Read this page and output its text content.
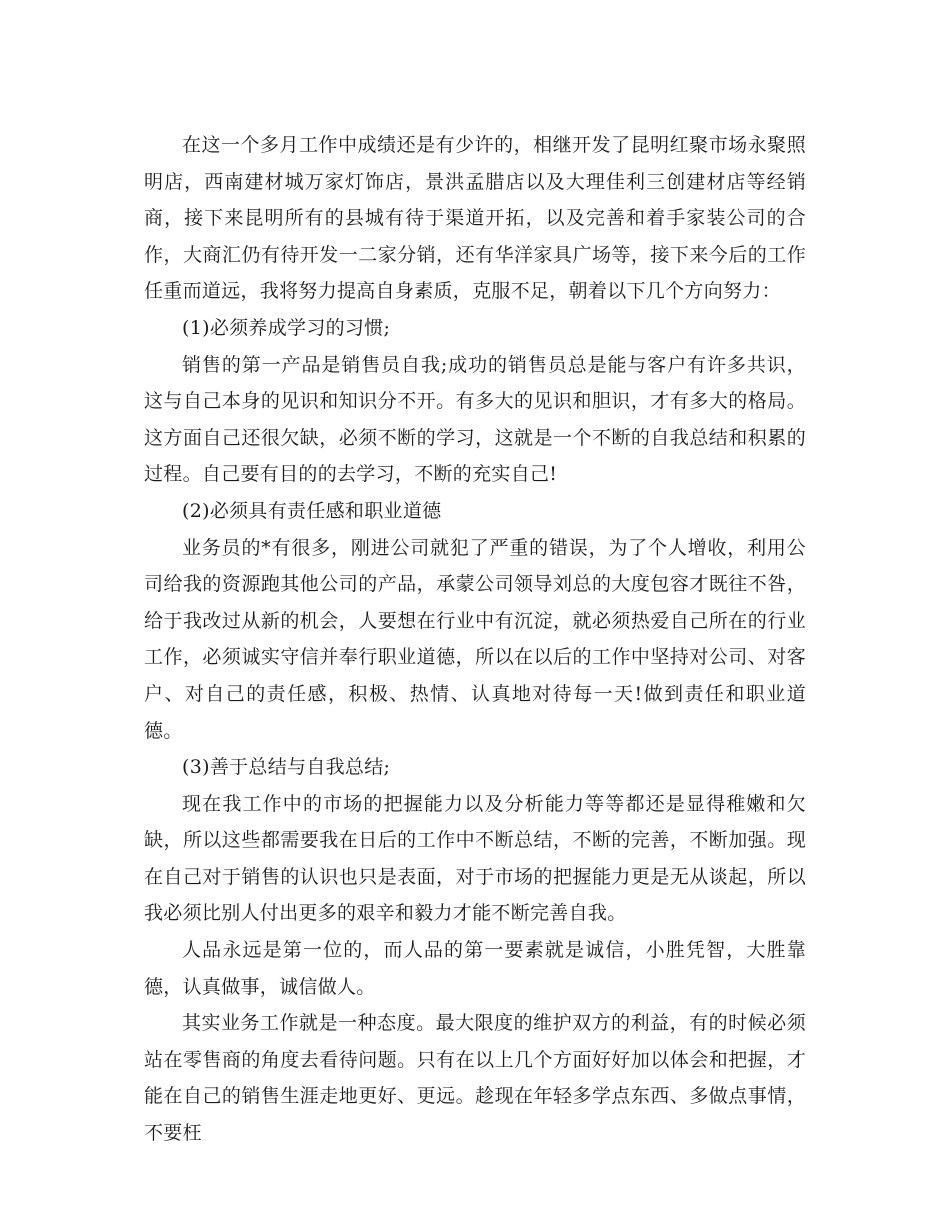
在这一个多月工作中成绩还是有少许的，相继开发了昆明红聚市场永聚照明店，西南建材城万家灯饰店，景洪孟腊店以及大理佳利三创建材店等经销商，接下来昆明所有的县城有待于渠道开拓，以及完善和着手家装公司的合作，大商汇仍有待开发一二家分销，还有华洋家具广场等，接下来今后的工作任重而道远，我将努力提高自身素质，克服不足，朝着以下几个方向努力：

(1)必须养成学习的习惯;

销售的第一产品是销售员自我;成功的销售员总是能与客户有许多共识，这与自己本身的见识和知识分不开。有多大的见识和胆识，才有多大的格局。这方面自己还很欠缺，必须不断的学习，这就是一个不断的自我总结和积累的过程。自己要有目的的去学习，不断的充实自己!

(2)必须具有责任感和职业道德

业务员的*有很多，刚进公司就犯了严重的错误，为了个人增收，利用公司给我的资源跑其他公司的产品，承蒙公司领导刘总的大度包容才既往不咎，给于我改过从新的机会，人要想在行业中有沉淀，就必须热爱自己所在的行业工作，必须诚实守信并奉行职业道德，所以在以后的工作中坚持对公司、对客户、对自己的责任感，积极、热情、认真地对待每一天!做到责任和职业道德。

(3)善于总结与自我总结;

现在我工作中的市场的把握能力以及分析能力等等都还是显得稚嫩和欠缺，所以这些都需要我在日后的工作中不断总结，不断的完善，不断加强。现在自己对于销售的认识也只是表面，对于市场的把握能力更是无从谈起，所以我必须比别人付出更多的艰辛和毅力才能不断完善自我。

人品永远是第一位的，而人品的第一要素就是诚信，小胜凭智，大胜靠德，认真做事，诚信做人。

其实业务工作就是一种态度。最大限度的维护双方的利益，有的时候必须站在零售商的角度去看待问题。只有在以上几个方面好好加以体会和把握，才能在自己的销售生涯走地更好、更远。趁现在年轻多学点东西、多做点事情，不要枉
